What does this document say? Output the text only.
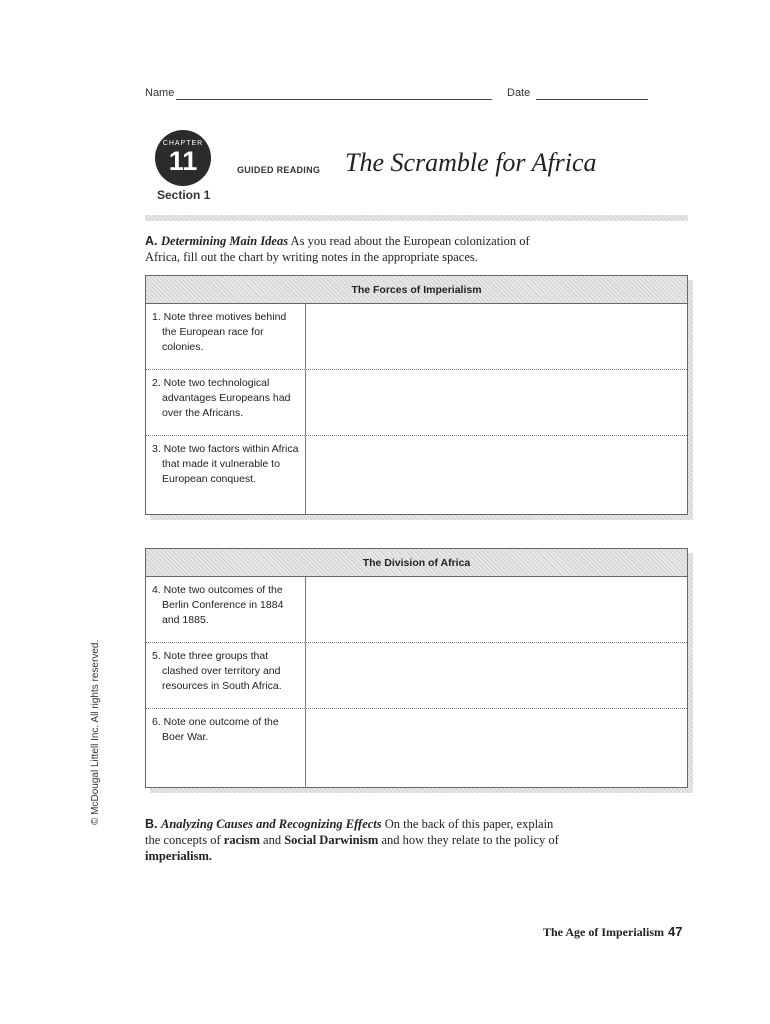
Name	Date
CHAPTER
11
Section 1
GUIDED READING The Scramble for Africa
A. Determining Main Ideas As you read about the European colonization of Africa, fill out the chart by writing notes in the appropriate spaces.
The Forces of Imperialism
1. Note three motives behind the European race for colonies.
2. Note two technological advantages Europeans had over the Africans.
3. Note two factors within Africa that made it vulnerable to European conquest.
The Division of Africa
4. Note two outcomes of the Berlin Conference in 1884 and 1885.
5. Note three groups that clashed over territory and resources in South Africa.
6. Note one outcome of the Boer War.
B. Analyzing Causes and Recognizing Effects On the back of this paper, explain the concepts of racism and Social Darwinism and how they relate to the policy of imperialism.
© McDougal Littell Inc. All rights reserved.
The Age of Imperialism 47
